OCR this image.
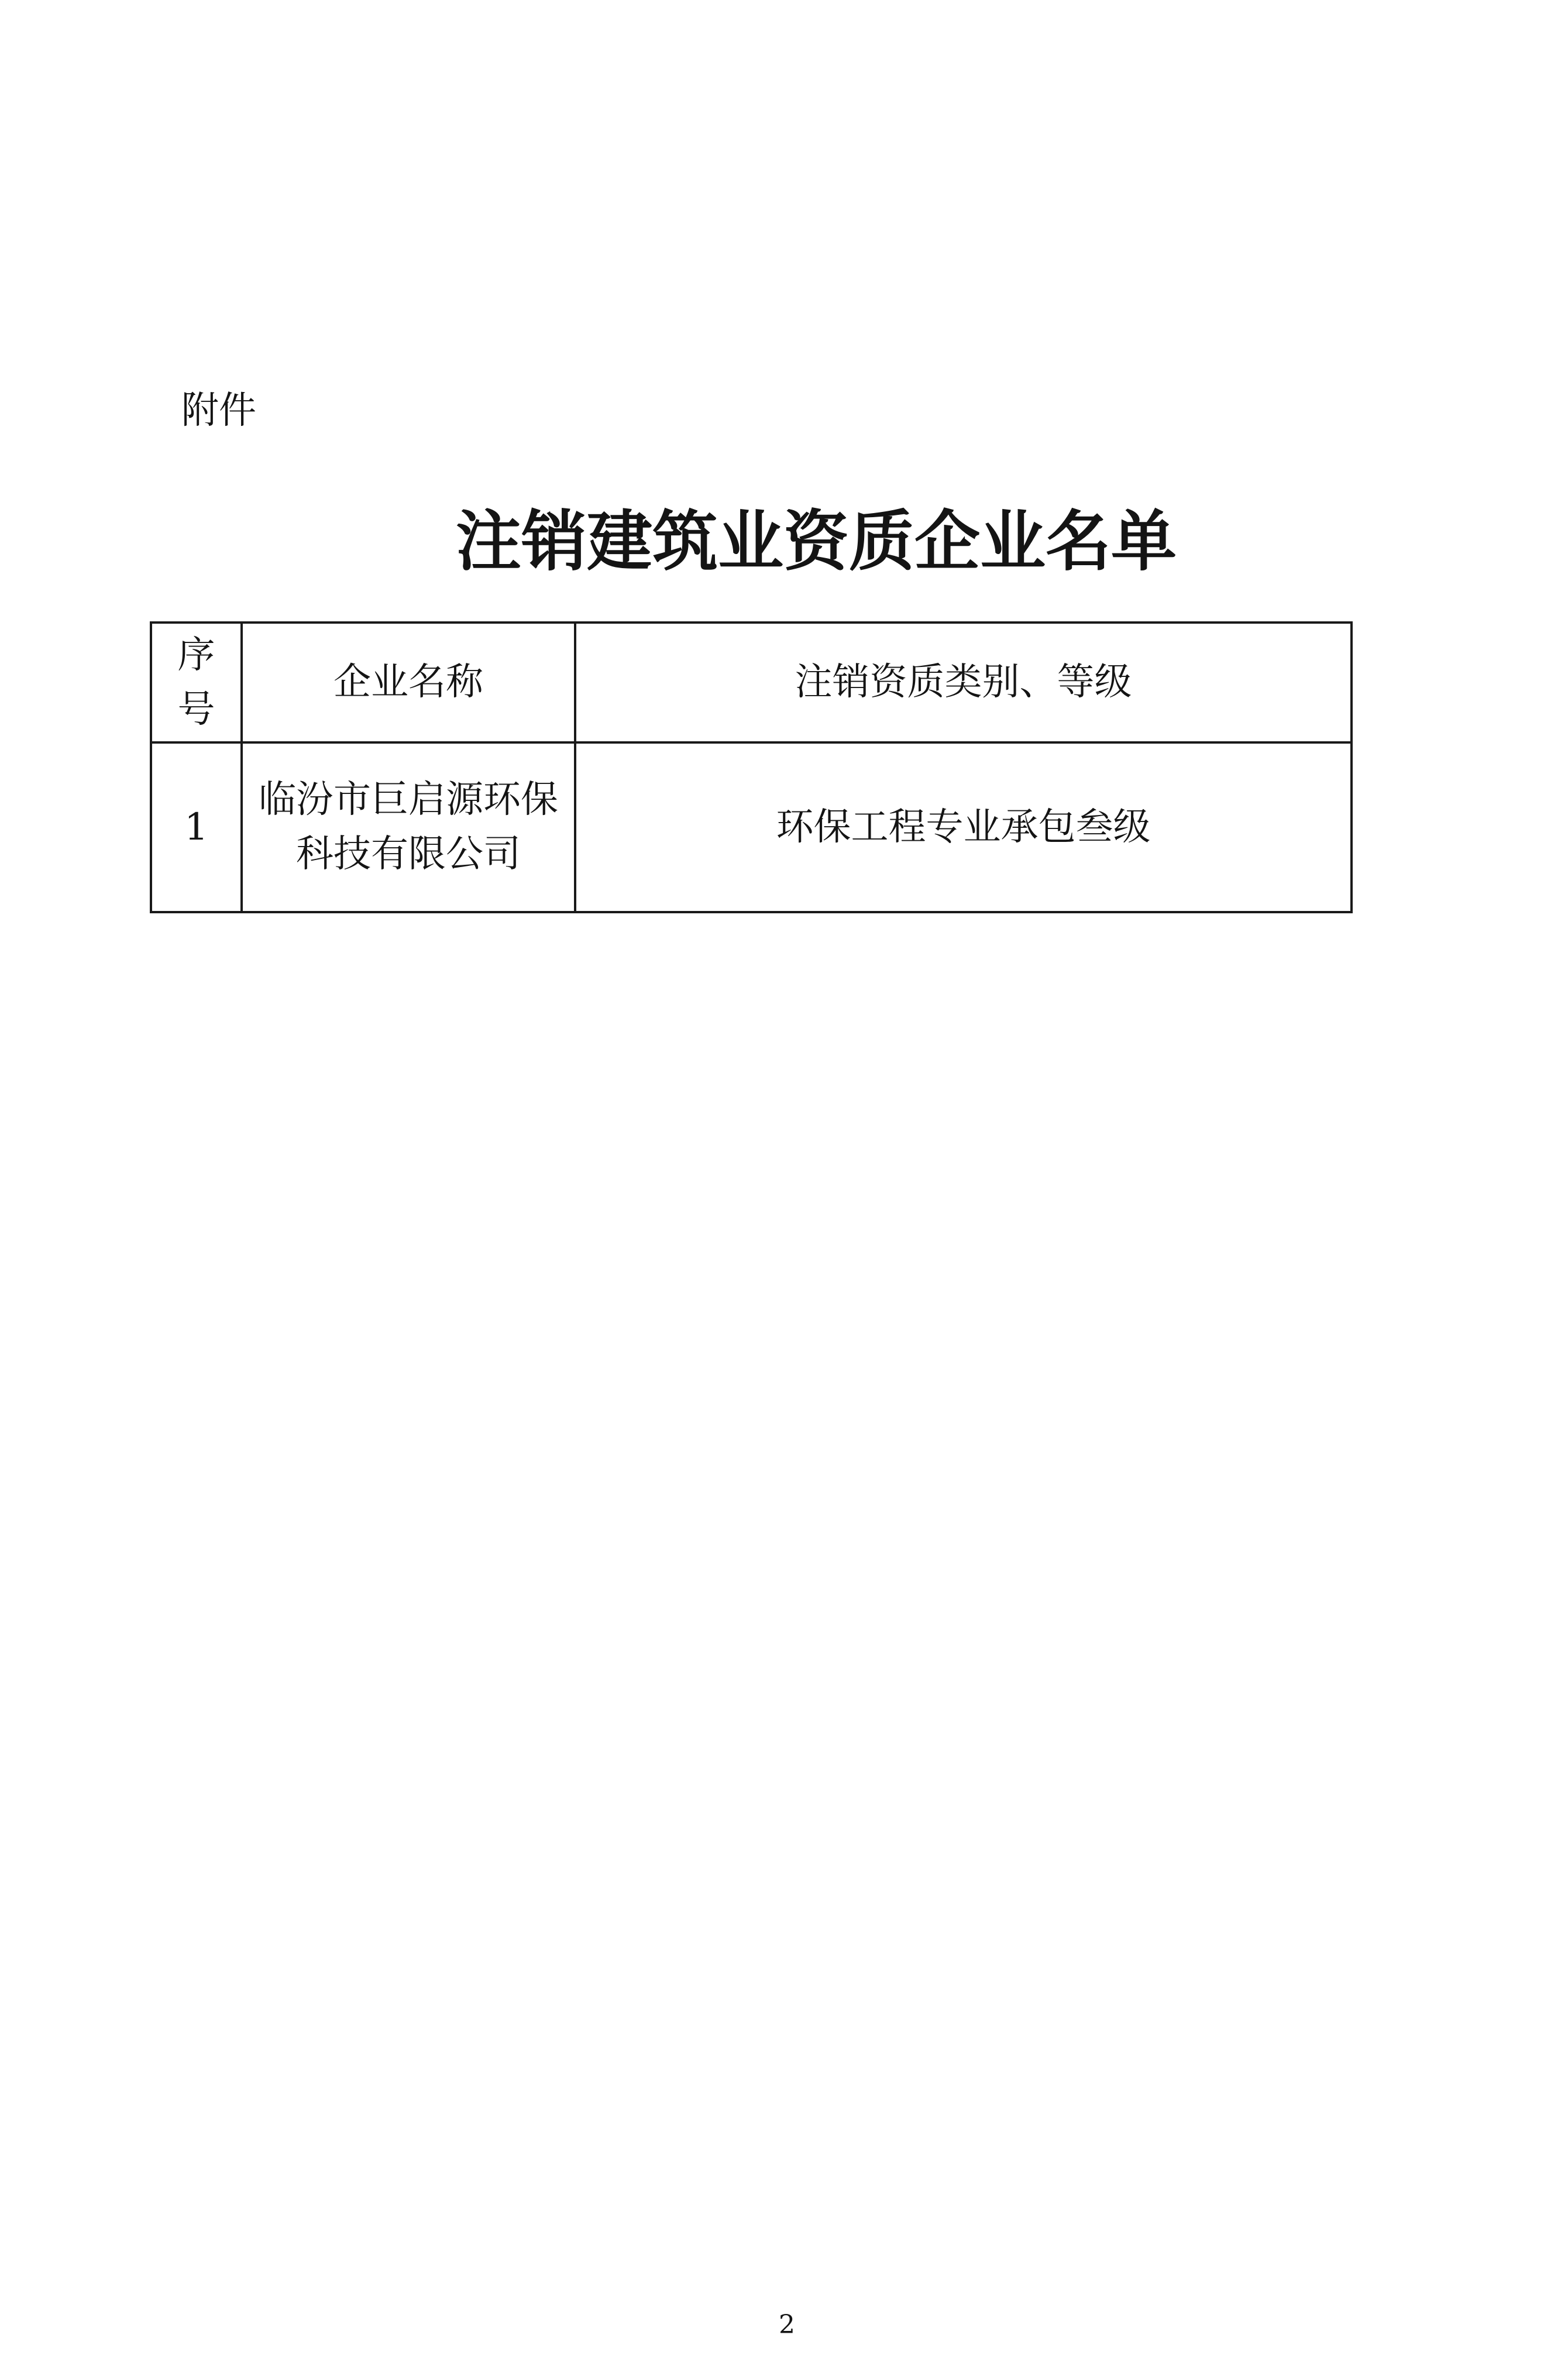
附件
注销建筑业资质企业名单
序号	企业名称	注销资质类别、等级
1	临汾市巨启源环保科技有限公司	环保工程专业承包叁级
2
